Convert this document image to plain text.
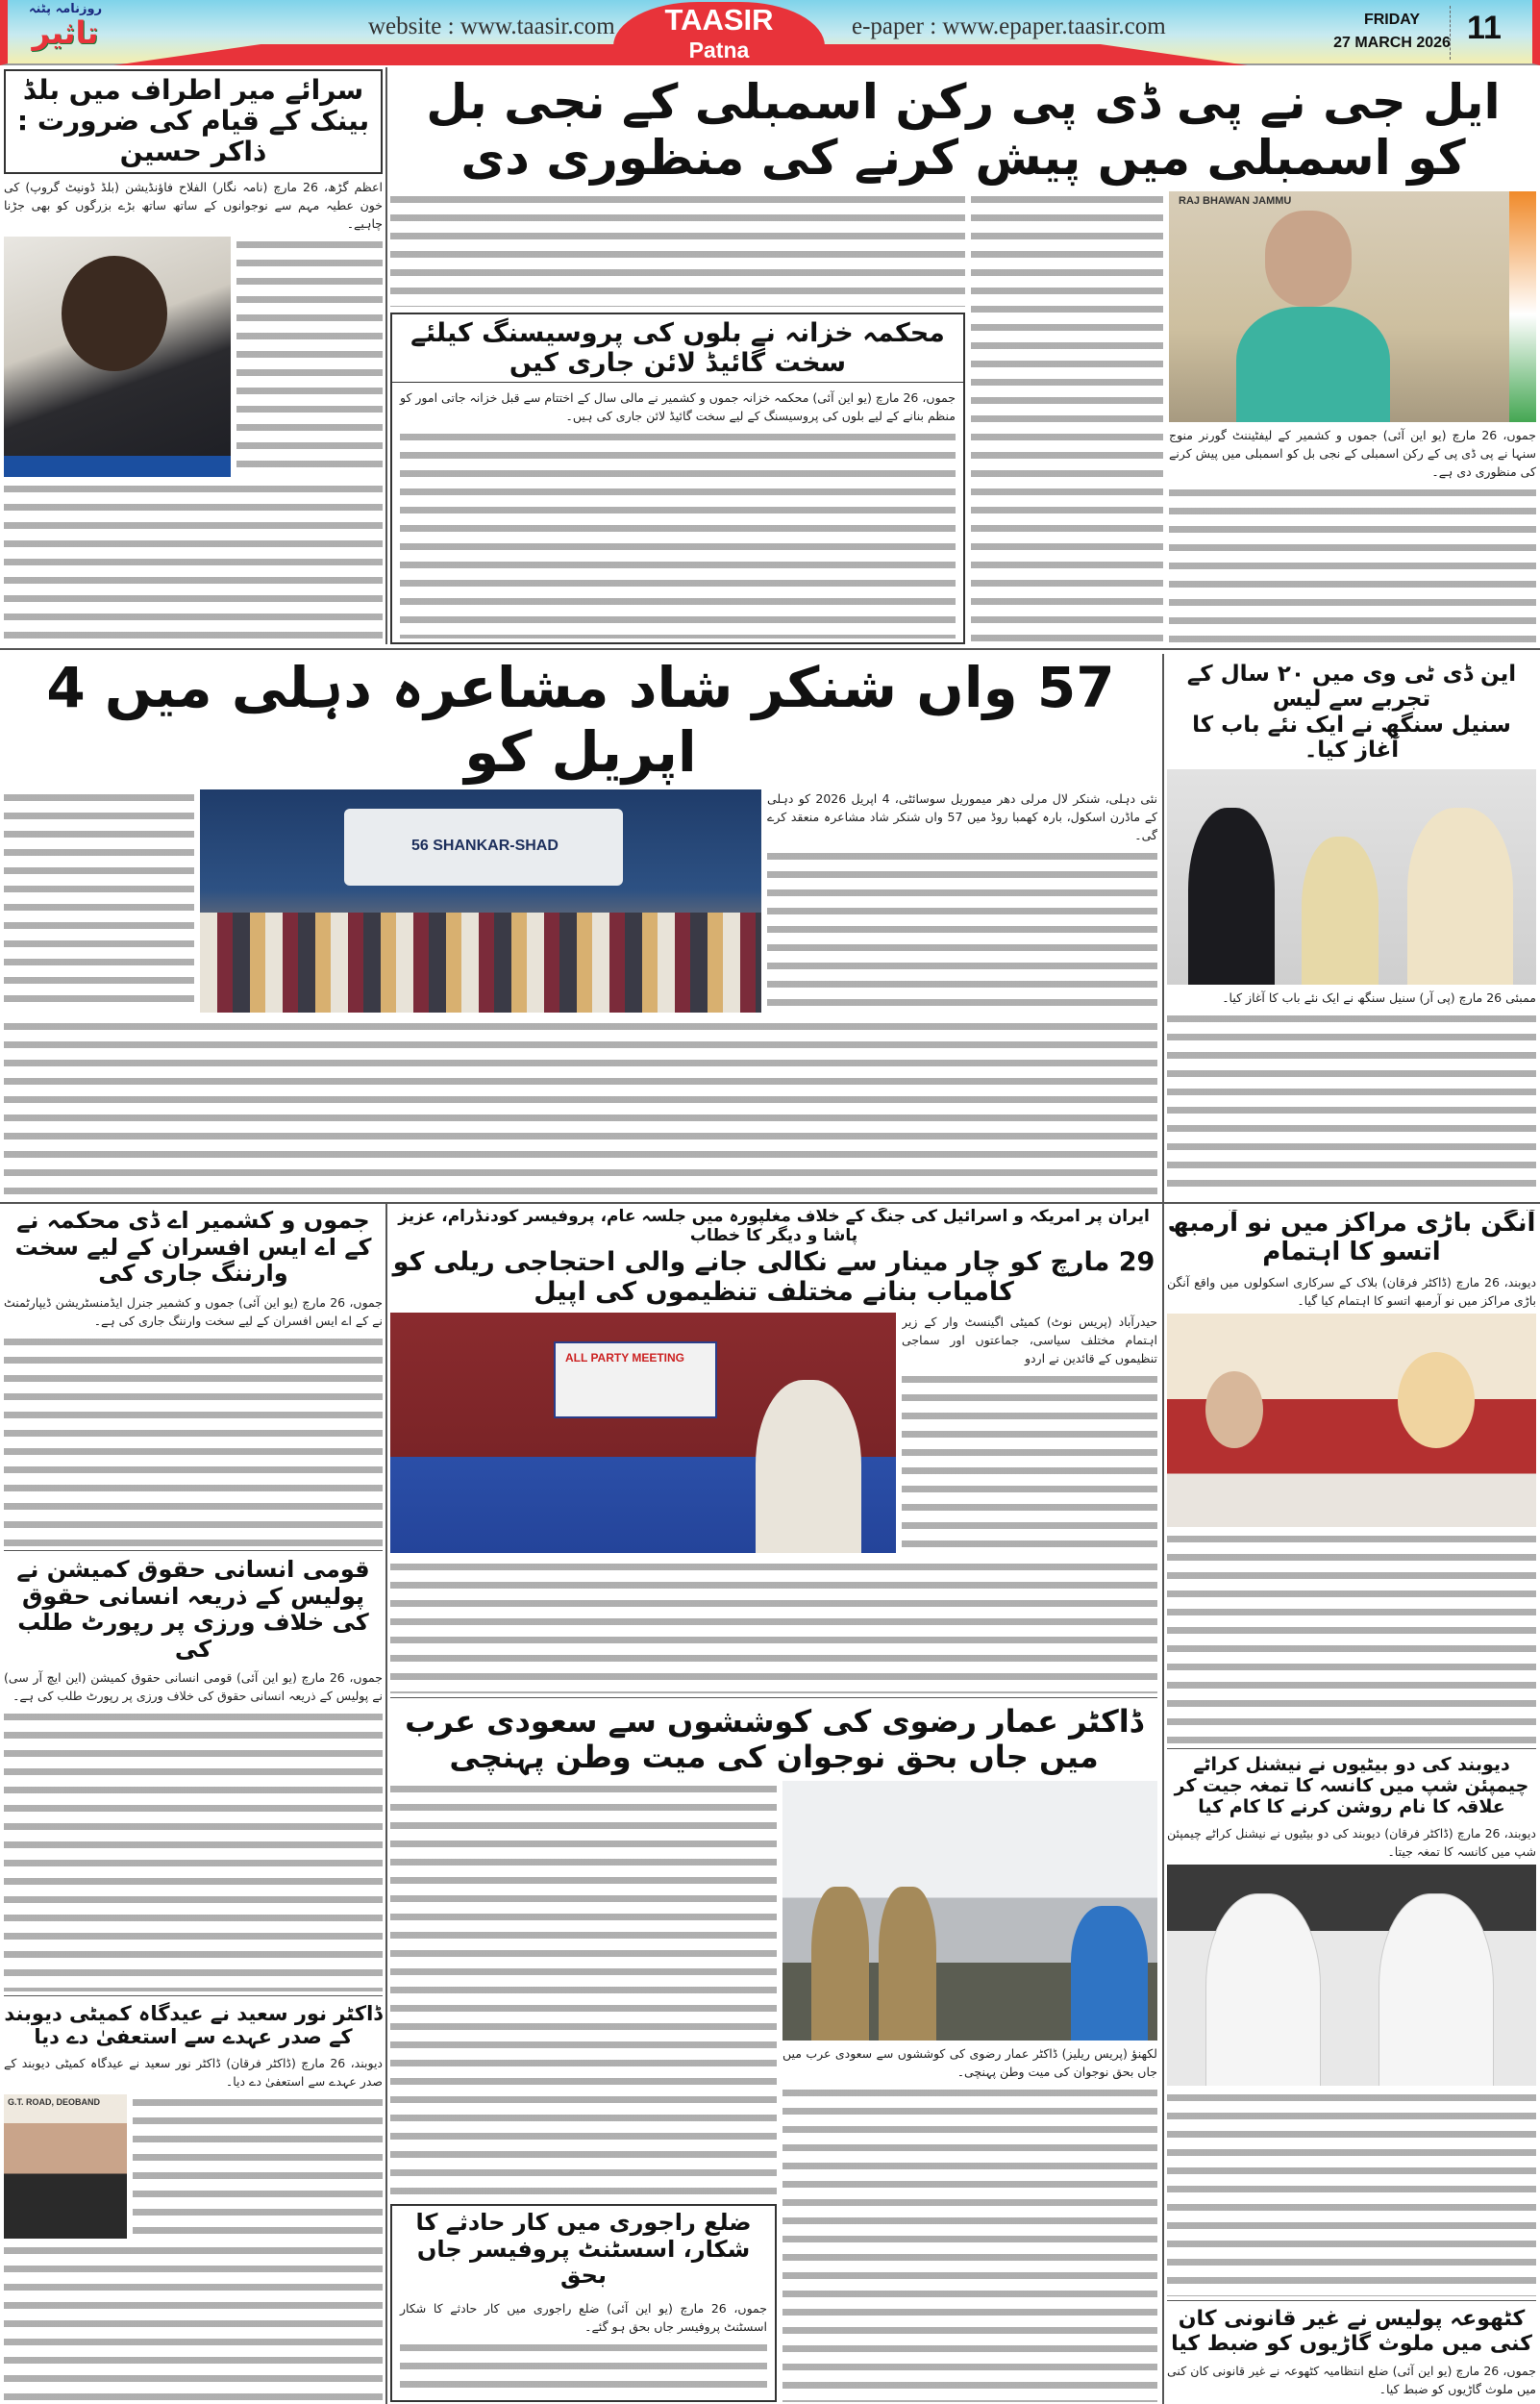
روزنامہ پٹنہ
تاثیر	website : www.taasir.com	TAASIR
Patna
e-paper : www.epaper.taasir.com	FRIDAY
27 MARCH 2026 11
سرائے میر اطراف میں بلڈ بینک کے قیام کی ضرورت : ذاکر حسین
اعظم گڑھ، 26 مارچ (نامہ نگار) الفلاح فاؤنڈیشن (بلڈ ڈونیٹ گروپ) کی خون عطیہ مہم سے نوجوانوں کے ساتھ ساتھ بڑے بزرگوں کو بھی جڑنا چاہیے۔
ایل جی نے پی ڈی پی رکن اسمبلی کے نجی بل کو اسمبلی میں پیش کرنے کی منظوری دی
RAJ BHAWAN JAMMU
جموں، 26 مارچ (یو این آئی) جموں و کشمیر کے لیفٹیننٹ گورنر منوج سنہا نے پی ڈی پی کے رکن اسمبلی کے نجی بل کو اسمبلی میں پیش کرنے کی منظوری دی ہے۔
محکمہ خزانہ نے بلوں کی پروسیسنگ کیلئے سخت گائیڈ لائن جاری کیں
جموں، 26 مارچ (یو این آئی) محکمہ خزانہ جموں و کشمیر نے مالی سال کے اختتام سے قبل خزانہ جاتی امور کو منظم بنانے کے لیے بلوں کی پروسیسنگ کے لیے سخت گائیڈ لائن جاری کی ہیں۔
57 واں شنکر شاد مشاعرہ دہلی میں 4 اپریل کو
نئی دہلی، شنکر لال مرلی دھر میموریل سوسائٹی، 4 اپریل 2026 کو دہلی کے ماڈرن اسکول، بارہ کھمبا روڈ میں 57 واں شنکر شاد مشاعرہ منعقد کرے گی۔
56 SHANKAR-SHAD
این ڈی ٹی وی میں ۲۰ سال کے تجربے سے لیس
سنیل سنگھ نے ایک نئے باب کا آغاز کیا۔
ممبئی 26 مارچ (پی آر) سنیل سنگھ نے ایک نئے باب کا آغاز کیا۔
جموں و کشمیر اے ڈی محکمہ نے کے اے ایس افسران کے لیے سخت وارننگ جاری کی
جموں، 26 مارچ (یو این آئی) جموں و کشمیر جنرل ایڈمنسٹریشن ڈیپارٹمنٹ نے کے اے ایس افسران کے لیے سخت وارننگ جاری کی ہے۔
قومی انسانی حقوق کمیشن نے پولیس کے ذریعہ انسانی حقوق کی خلاف ورزی پر رپورٹ طلب کی
جموں، 26 مارچ (یو این آئی) قومی انسانی حقوق کمیشن (این ایچ آر سی) نے پولیس کے ذریعہ انسانی حقوق کی خلاف ورزی پر رپورٹ طلب کی ہے۔
ڈاکٹر نور سعید نے عیدگاہ کمیٹی دیوبند کے صدر عہدے سے استعفیٰ دے دیا
دیوبند، 26 مارچ (ڈاکٹر فرقان) ڈاکٹر نور سعید نے عیدگاہ کمیٹی دیوبند کے صدر عہدے سے استعفیٰ دے دیا۔
G.T. ROAD, DEOBAND
ایران پر امریکہ و اسرائیل کی جنگ کے خلاف مغلپورہ میں جلسہ عام، پروفیسر کودنڈرام، عزیز پاشا و دیگر کا خطاب
29 مارچ کو چار مینار سے نکالی جانے والی احتجاجی ریلی کو کامیاب بنانے مختلف تنظیموں کی اپیل
ALL PARTY MEETING
حیدرآباد (پریس نوٹ) کمیٹی اگینسٹ وار کے زیر اہتمام مختلف سیاسی، جماعتوں اور سماجی تنظیموں کے قائدین نے اردو
ڈاکٹر عمار رضوی کی کوششوں سے سعودی عرب میں جاں بحق نوجوان کی میت وطن پہنچی
لکھنؤ (پریس ریلیز) ڈاکٹر عمار رضوی کی کوششوں سے سعودی عرب میں جاں بحق نوجوان کی میت وطن پہنچی۔
ضلع راجوری میں کار حادثے کا شکار، اسسٹنٹ پروفیسر جاں بحق
جموں، 26 مارچ (یو این آئی) ضلع راجوری میں کار حادثے کا شکار اسسٹنٹ پروفیسر جاں بحق ہو گئے۔
آنگن باڑی مراکز میں نو آرمبھ اتسو کا اہتمام
دیوبند، 26 مارچ (ڈاکٹر فرقان) بلاک کے سرکاری اسکولوں میں واقع آنگن باڑی مراکز میں نو آرمبھ اتسو کا اہتمام کیا گیا۔
دیوبند کی دو بیٹیوں نے نیشنل کراٹے چیمپئن شپ میں کانسہ کا تمغہ جیت کر علاقہ کا نام روشن کرنے کا کام کیا
دیوبند، 26 مارچ (ڈاکٹر فرقان) دیوبند کی دو بیٹیوں نے نیشنل کراٹے چیمپئن شپ میں کانسہ کا تمغہ جیتا۔
کٹھوعہ پولیس نے غیر قانونی کان کنی میں ملوث گاڑیوں کو ضبط کیا
جموں، 26 مارچ (یو این آئی) ضلع انتظامیہ کٹھوعہ نے غیر قانونی کان کنی میں ملوث گاڑیوں کو ضبط کیا۔
